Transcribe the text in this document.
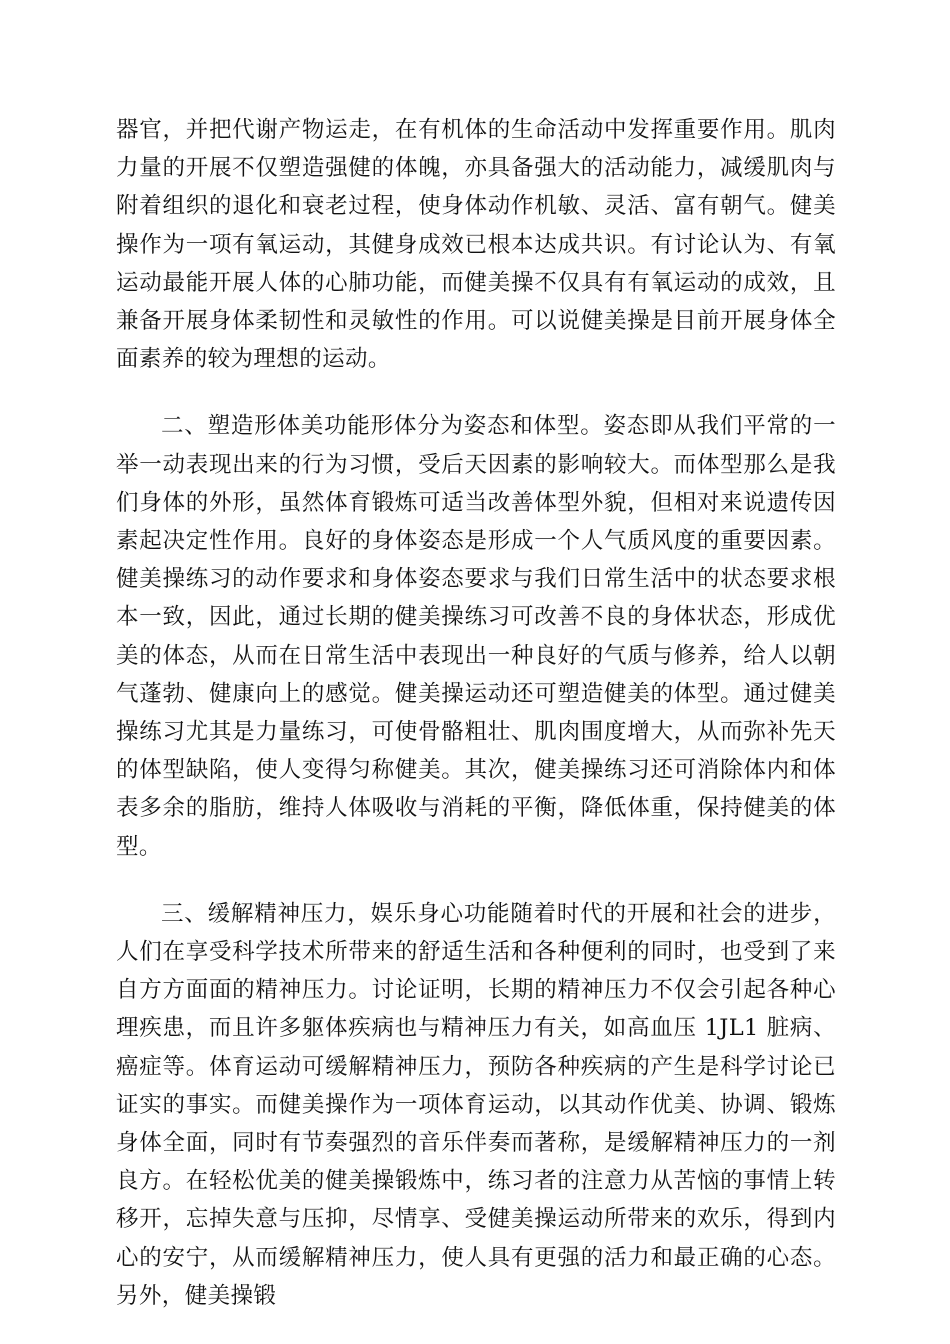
器官，并把代谢产物运走，在有机体的生命活动中发挥重要作用。肌肉力量的开展不仅塑造强健的体魄，亦具备强大的活动能力，减缓肌肉与附着组织的退化和衰老过程，使身体动作机敏、灵活、富有朝气。健美操作为一项有氧运动，其健身成效已根本达成共识。有讨论认为、有氧运动最能开展人体的心肺功能，而健美操不仅具有有氧运动的成效，且兼备开展身体柔韧性和灵敏性的作用。可以说健美操是目前开展身体全面素养的较为理想的运动。

二、塑造形体美功能形体分为姿态和体型。姿态即从我们平常的一举一动表现出来的行为习惯，受后天因素的影响较大。而体型那么是我们身体的外形，虽然体育锻炼可适当改善体型外貌，但相对来说遗传因素起决定性作用。良好的身体姿态是形成一个人气质风度的重要因素。健美操练习的动作要求和身体姿态要求与我们日常生活中的状态要求根本一致，因此，通过长期的健美操练习可改善不良的身体状态，形成优美的体态，从而在日常生活中表现出一种良好的气质与修养，给人以朝气蓬勃、健康向上的感觉。健美操运动还可塑造健美的体型。通过健美操练习尤其是力量练习，可使骨骼粗壮、肌肉围度增大，从而弥补先天的体型缺陷，使人变得匀称健美。其次，健美操练习还可消除体内和体表多余的脂肪，维持人体吸收与消耗的平衡，降低体重，保持健美的体型。

三、缓解精神压力，娱乐身心功能随着时代的开展和社会的进步，人们在享受科学技术所带来的舒适生活和各种便利的同时，也受到了来自方方面面的精神压力。讨论证明，长期的精神压力不仅会引起各种心理疾患，而且许多躯体疾病也与精神压力有关，如高血压 1JL1 脏病、癌症等。体育运动可缓解精神压力，预防各种疾病的产生是科学讨论已证实的事实。而健美操作为一项体育运动，以其动作优美、协调、锻炼身体全面，同时有节奏强烈的音乐伴奏而著称，是缓解精神压力的一剂良方。在轻松优美的健美操锻炼中，练习者的注意力从苦恼的事情上转移开，忘掉失意与压抑，尽情享、受健美操运动所带来的欢乐，得到内心的安宁，从而缓解精神压力，使人具有更强的活力和最正确的心态。另外，健美操锻
